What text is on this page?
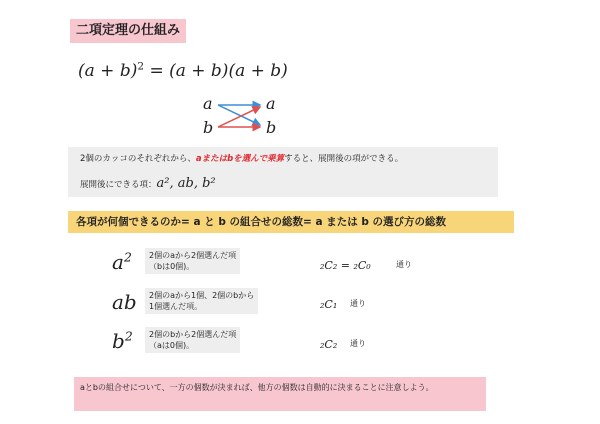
二項定理の仕組み
$(a + b)^2 = (a + b)(a + b)$
a
b
a
b
2個のカッコのそれぞれから、aまたはbを選んで乗算すると、展開後の項ができる。
展開後にできる項：a², ab, b²
各項が何個できるのか= a と b の組合せの総数= a または b の選び方の総数
$a^2$ 2個のaから2個選んだ項
（bは0個)。	₂C₂ = ₂C₀	通り
ab 2個のaから1個、2個のbから
1個選んだ項。	₂C₁ 通り
$b^2$ 2個のbから2個選んだ項
（aは0個)。	₂C₂ 通り
aとbの組合せについて、一方の個数が決まれば、他方の個数は自動的に決まることに注意しよう。
